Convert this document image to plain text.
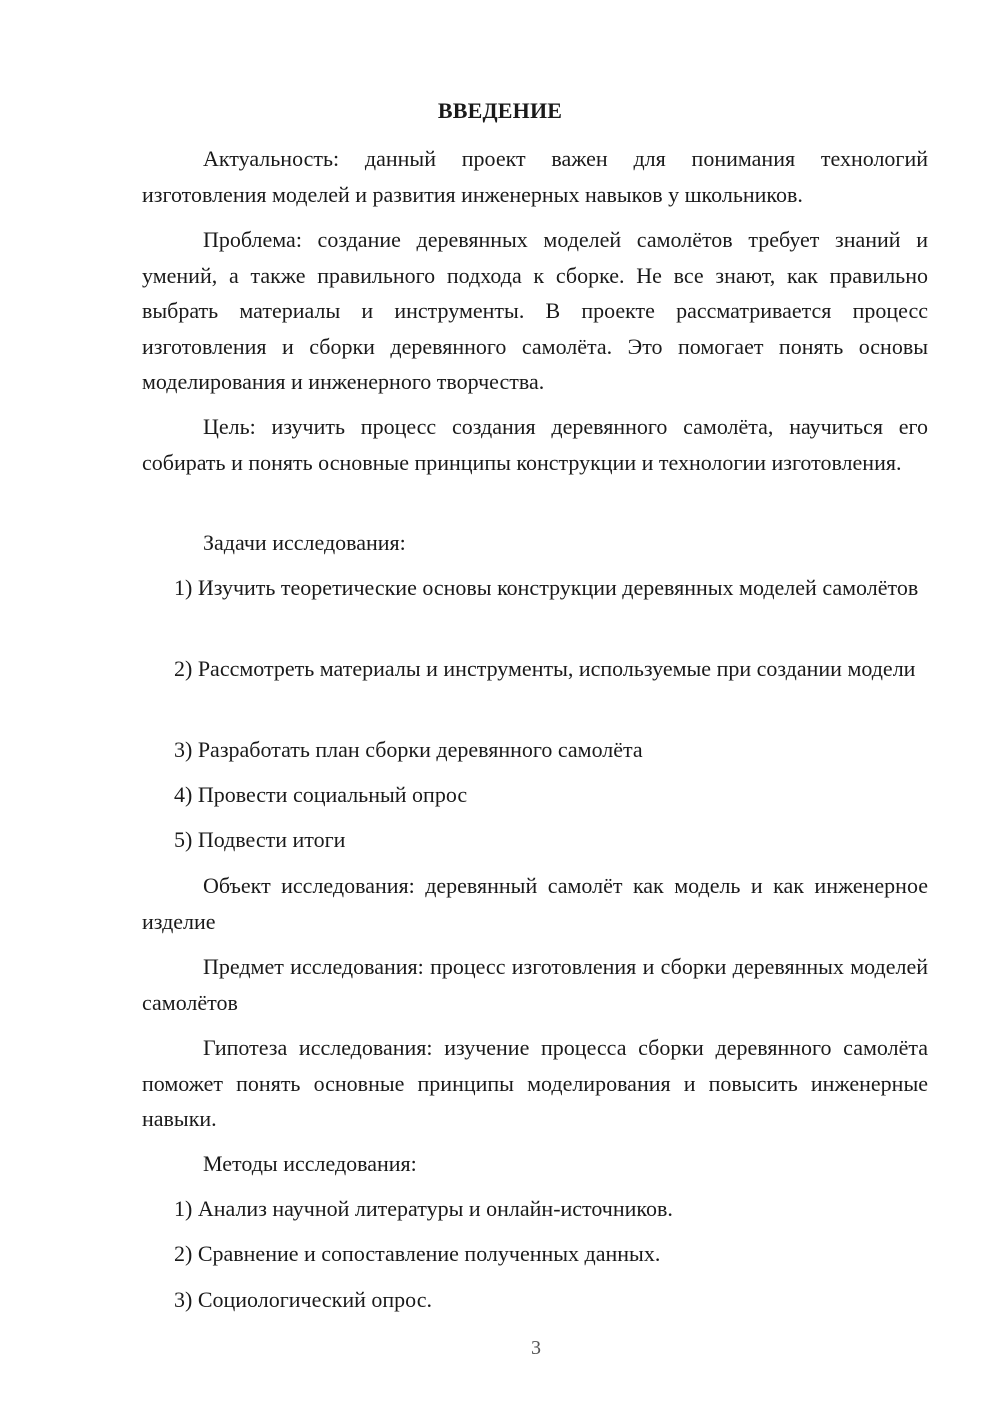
ВВЕДЕНИЕ

Актуальность: данный проект важен для понимания технологий изготовления моделей и развития инженерных навыков у школьников.

Проблема: создание деревянных моделей самолётов требует знаний и умений, а также правильного подхода к сборке. Не все знают, как правильно выбрать материалы и инструменты. В проекте рассматривается процесс изготовления и сборки деревянного самолёта. Это помогает понять основы моделирования и инженерного творчества.

Цель: изучить процесс создания деревянного самолёта, научиться его собирать и понять основные принципы конструкции и технологии изготовления.

Задачи исследования:

1) Изучить теоретические основы конструкции деревянных моделей самолётов

2) Рассмотреть материалы и инструменты, используемые при создании модели

3) Разработать план сборки деревянного самолёта

4) Провести социальный опрос

5) Подвести итоги

Объект исследования: деревянный самолёт как модель и как инженерное изделие

Предмет исследования: процесс изготовления и сборки деревянных моделей самолётов

Гипотеза исследования: изучение процесса сборки деревянного самолёта поможет понять основные принципы моделирования и повысить инженерные навыки.

Методы исследования:

1) Анализ научной литературы и онлайн-источников.

2) Сравнение и сопоставление полученных данных.

3) Социологический опрос.

3
